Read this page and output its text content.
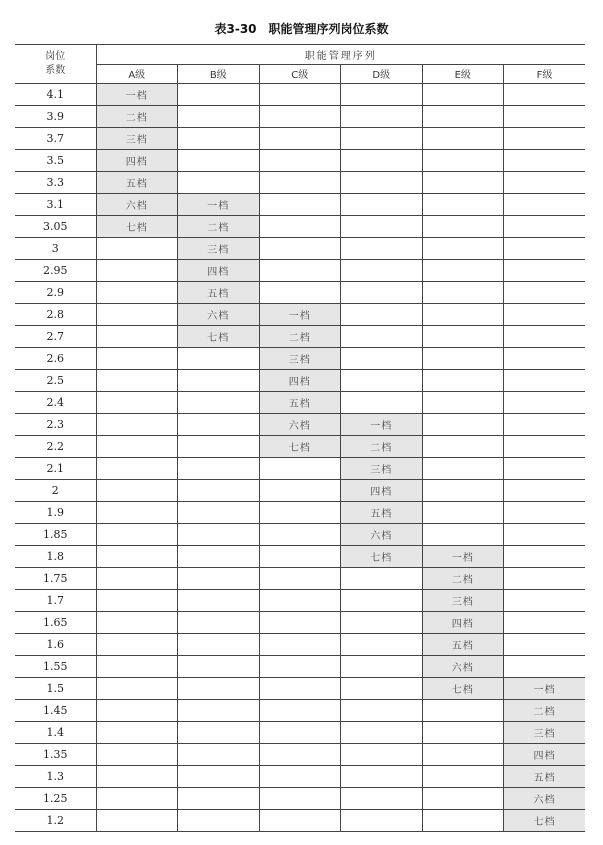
表3-30　职能管理序列岗位系数
岗位
系数	职能管理序列					
	A级	B级	C级	D级	E级	F级
4.1	一档					
3.9	二档					
3.7	三档					
3.5	四档					
3.3	五档					
3.1	六档	一档				
3.05	七档	二档				
3		三档				
2.95		四档				
2.9		五档				
2.8		六档	一档			
2.7		七档	二档			
2.6			三档			
2.5			四档			
2.4			五档			
2.3			六档	一档		
2.2			七档	二档		
2.1				三档		
2				四档		
1.9				五档		
1.85				六档		
1.8				七档	一档	
1.75					二档	
1.7					三档	
1.65					四档	
1.6					五档	
1.55					六档	
1.5					七档	一档
1.45						二档
1.4						三档
1.35						四档
1.3						五档
1.25						六档
1.2						七档
